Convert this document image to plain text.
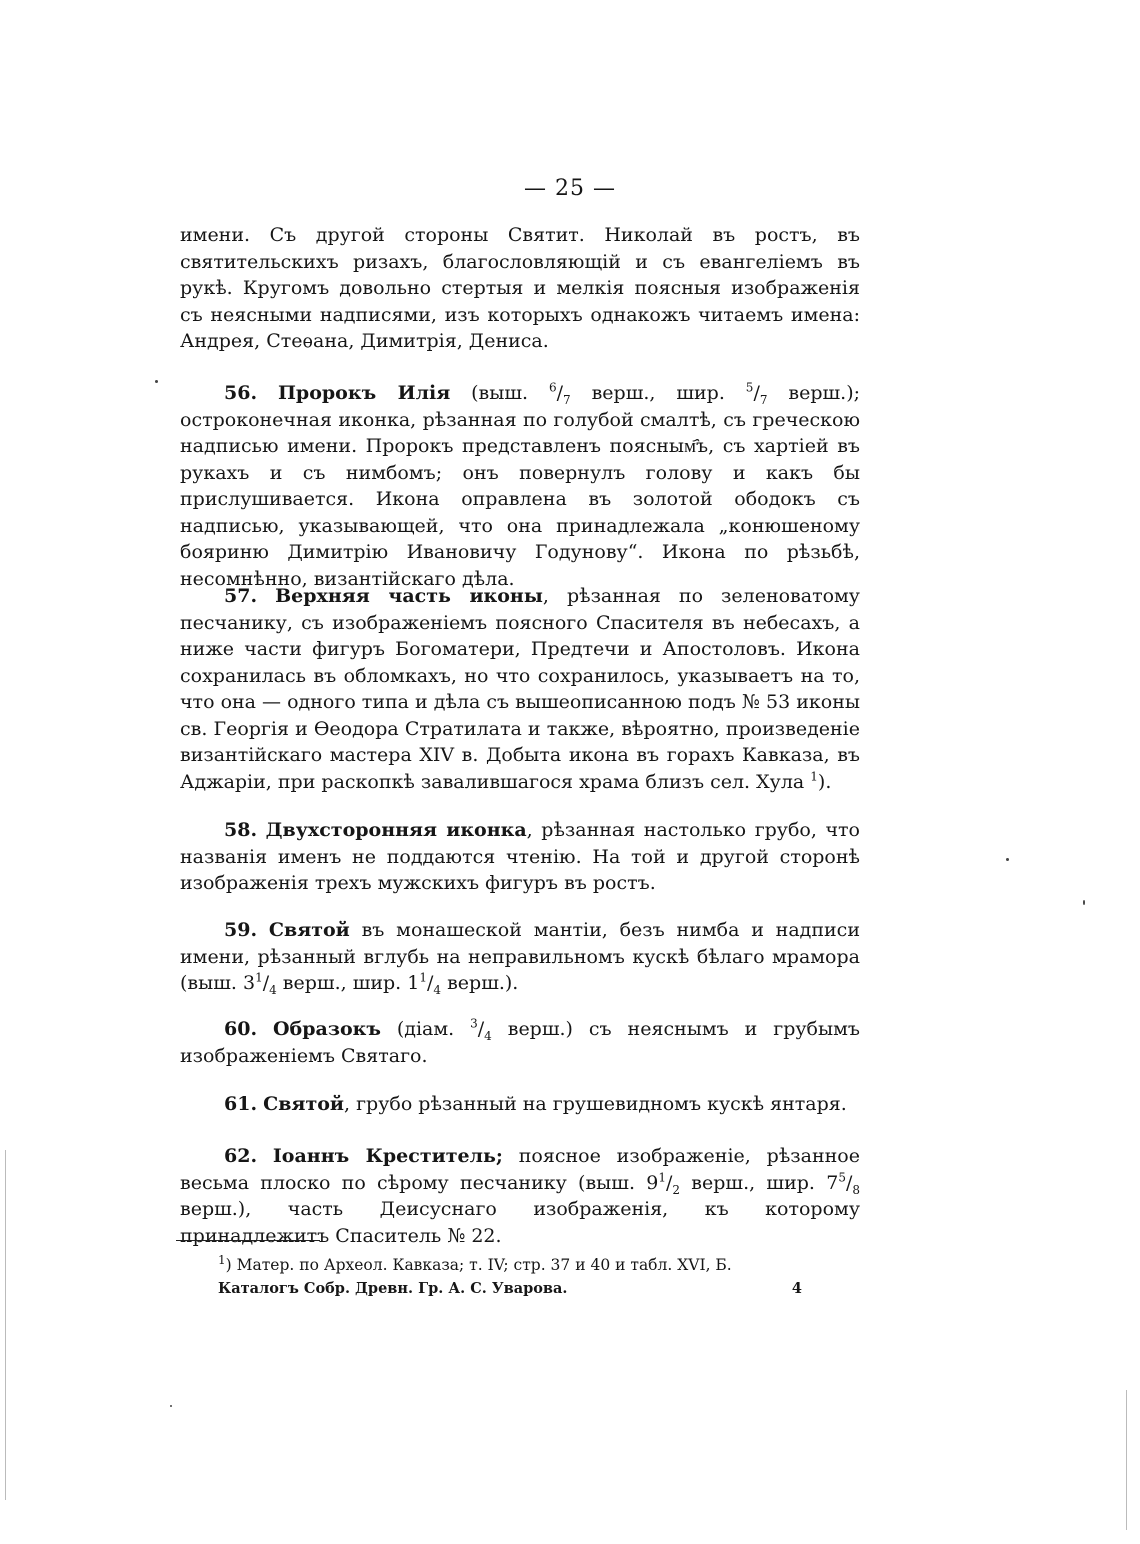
— 25 —

имени. Съ другой стороны Святит. Николай въ ростъ, въ святительскихъ ризахъ, благословляющій и съ евангеліемъ въ рукѣ. Кругомъ довольно стертыя и мелкія поясныя изображенія съ неясными надписями, изъ которыхъ однакожъ читаемъ имена: Андрея, Стеѳана, Димитрія, Дениса.

56. Пророкъ Илія (выш. $^6/_7$ верш., шир. $^5/_7$ верш.); остроконечная иконка, рѣзанная по голубой смалтѣ, съ греческою надписью имени. Пророкъ представленъ поясным҄ъ, съ хартіей въ рукахъ и съ нимбомъ; онъ повернулъ голову и какъ бы прислушивается. Икона оправлена въ золотой ободокъ съ надписью, указывающей, что она принадлежала „конюшеному бояриню Димитрію Ивановичу Годунову“. Икона по рѣзьбѣ, несомнѣнно, византійскаго дѣла.

57. Верхняя часть иконы, рѣзанная по зеленоватому песчанику, съ изображеніемъ поясного Спасителя въ небесахъ, а ниже части фигуръ Богоматери, Предтечи и Апостоловъ. Икона сохранилась въ обломкахъ, но что сохранилось, указываетъ на то, что она — одного типа и дѣла съ вышеописанною подъ № 53 иконы св. Георгія и Ѳеодора Стратилата и также, вѣроятно, произведеніе византійскаго мастера XIV в. Добыта икона въ горахъ Кавказа, въ Аджаріи, при раскопкѣ завалившагося храма близъ сел. Хула $^1$).

58. Двухсторонняя иконка, рѣзанная настолько грубо, что названія именъ не поддаются чтенію. На той и другой сторонѣ изображенія трехъ мужскихъ фигуръ въ ростъ.

59. Святой въ монашеской мантіи, безъ нимба и надписи имени, рѣзанный вглубь на неправильномъ кускѣ бѣлаго мрамора (выш. $3^1/_4$ верш., шир. $1^1/_4$ верш.).

60. Образокъ (діам. $^3/_4$ верш.) съ неяснымъ и грубымъ изображеніемъ Святаго.

61. Святой, грубо рѣзанный на грушевидномъ кускѣ янтаря.

62. Іоаннъ Креститель; поясное изображеніе, рѣзанное весьма плоско по сѣрому песчанику (выш. $9^1/_2$ верш., шир. $7^5/_8$ верш.), часть Деисуснаго изображенія, къ которому принадлежитъ Спаситель № 22.

$^1$) Матер. по Археол. Кавказа; т. IV; стр. 37 и 40 и табл. XVI, Б.
Каталогъ Собр. Древн. Гр. А. С. Уварова.	4
